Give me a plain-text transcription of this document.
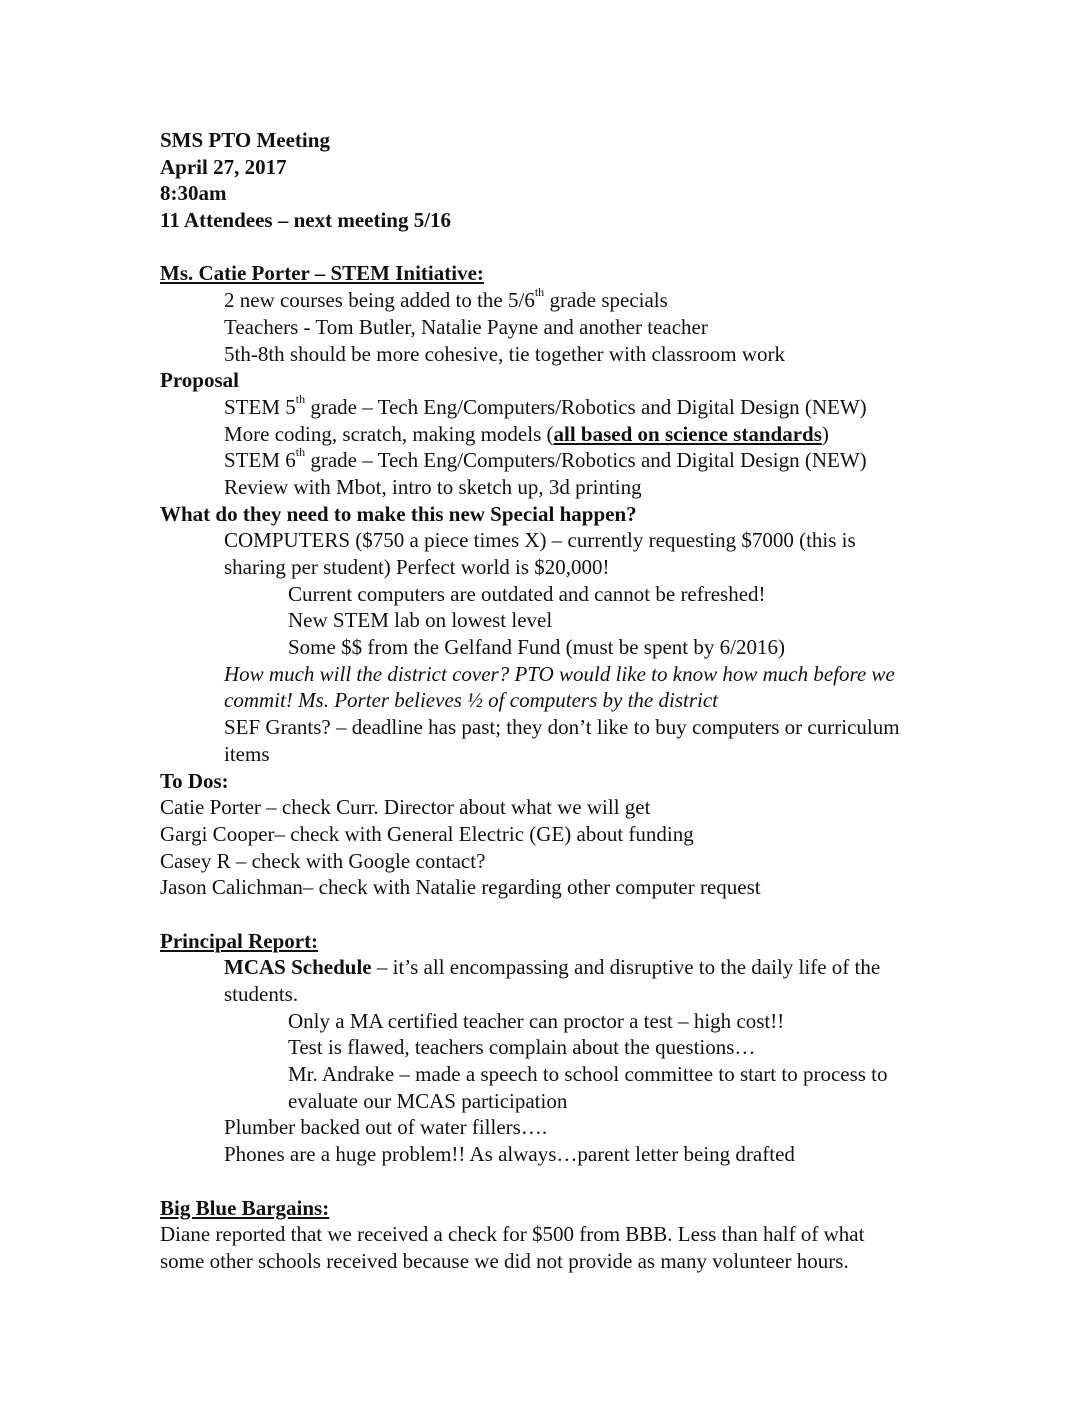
SMS PTO Meeting
April 27, 2017
8:30am
11 Attendees – next meeting 5/16
Ms. Catie Porter – STEM Initiative:
2 new courses being added to the 5/6th grade specials
Teachers - Tom Butler, Natalie Payne and another teacher
5th-8th should be more cohesive, tie together with classroom work
Proposal
STEM 5th grade – Tech Eng/Computers/Robotics and Digital Design (NEW)
More coding, scratch, making models (all based on science standards)
STEM 6th grade – Tech Eng/Computers/Robotics and Digital Design (NEW)
Review with Mbot, intro to sketch up, 3d printing
What do they need to make this new Special happen?
COMPUTERS ($750 a piece times X) – currently requesting $7000 (this is
sharing per student) Perfect world is $20,000!
Current computers are outdated and cannot be refreshed!
New STEM lab on lowest level
Some $$ from the Gelfand Fund (must be spent by 6/2016)
How much will the district cover? PTO would like to know how much before we
commit! Ms. Porter believes ½ of computers by the district
SEF Grants? – deadline has past; they don’t like to buy computers or curriculum
items
To Dos:
Catie Porter – check Curr. Director about what we will get
Gargi Cooper– check with General Electric (GE) about funding
Casey R – check with Google contact?
Jason Calichman– check with Natalie regarding other computer request
Principal Report:
MCAS Schedule – it’s all encompassing and disruptive to the daily life of the
students.
Only a MA certified teacher can proctor a test – high cost!!
Test is flawed, teachers complain about the questions…
Mr. Andrake – made a speech to school committee to start to process to
evaluate our MCAS participation
Plumber backed out of water fillers….
Phones are a huge problem!! As always…parent letter being drafted
Big Blue Bargains:
Diane reported that we received a check for $500 from BBB. Less than half of what
some other schools received because we did not provide as many volunteer hours.
